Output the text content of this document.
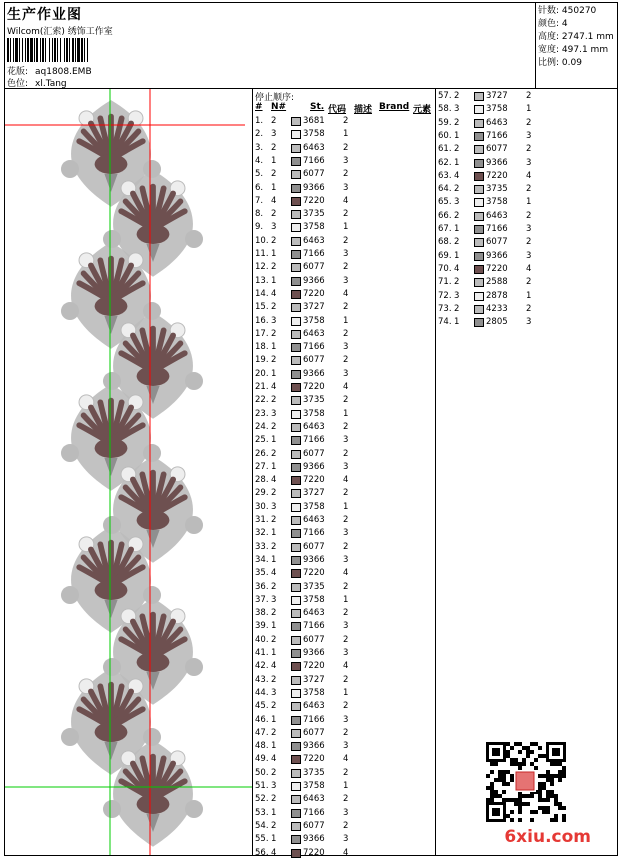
生产作业图
Wilcom(汇索) 绣饰工作室
花版: aq1808.EMB
色位: xl.Tang
针数: 450270
颜色: 4
高度: 2747.1 mm
宽度: 497.1 mm
比例: 0.09
停止顺序:
# N#	St. 代码 描述 Brand 元素
1. 2	3681 2
2. 3	3758 1
3. 2	6463 2
4. 1	7166 3
5. 2	6077 2
6. 1	9366 3
7. 4	7220 4
8. 2	3735 2
9. 3	3758 1
10. 2	6463 2
11. 1	7166 3
12. 2	6077 2
13. 1	9366 3
14. 4	7220 4
15. 2	3727 2
16. 3	3758 1
17. 2	6463 2
18. 1	7166 3
19. 2	6077 2
20. 1	9366 3
21. 4	7220 4
22. 2	3735 2
23. 3	3758 1
24. 2	6463 2
25. 1	7166 3
26. 2	6077 2
27. 1	9366 3
28. 4	7220 4
29. 2	3727 2
30. 3	3758 1
31. 2	6463 2
32. 1	7166 3
33. 2	6077 2
34. 1	9366 3
35. 4	7220 4
36. 2	3735 2
37. 3	3758 1
38. 2	6463 2
39. 1	7166 3
40. 2	6077 2
41. 1	9366 3
42. 4	7220 4
43. 2	3727 2
44. 3	3758 1
45. 2	6463 2
46. 1	7166 3
47. 2	6077 2
48. 1	9366 3
49. 4	7220 4
50. 2	3735 2
51. 3	3758 1
52. 2	6463 2
53. 1	7166 3
54. 2	6077 2
55. 1	9366 3
56. 4	7220 4
57. 2	3727 2
58. 3	3758 1
59. 2	6463 2
60. 1	7166 3
61. 2	6077 2
62. 1	9366 3
63. 4	7220 4
64. 2	3735 2
65. 3	3758 1
66. 2	6463 2
67. 1	7166 3
68. 2	6077 2
69. 1	9366 3
70. 4	7220 4
71. 2	2588 2
72. 3	2878 1
73. 2	4233 2
74. 1	2805 3
6xiu.com
